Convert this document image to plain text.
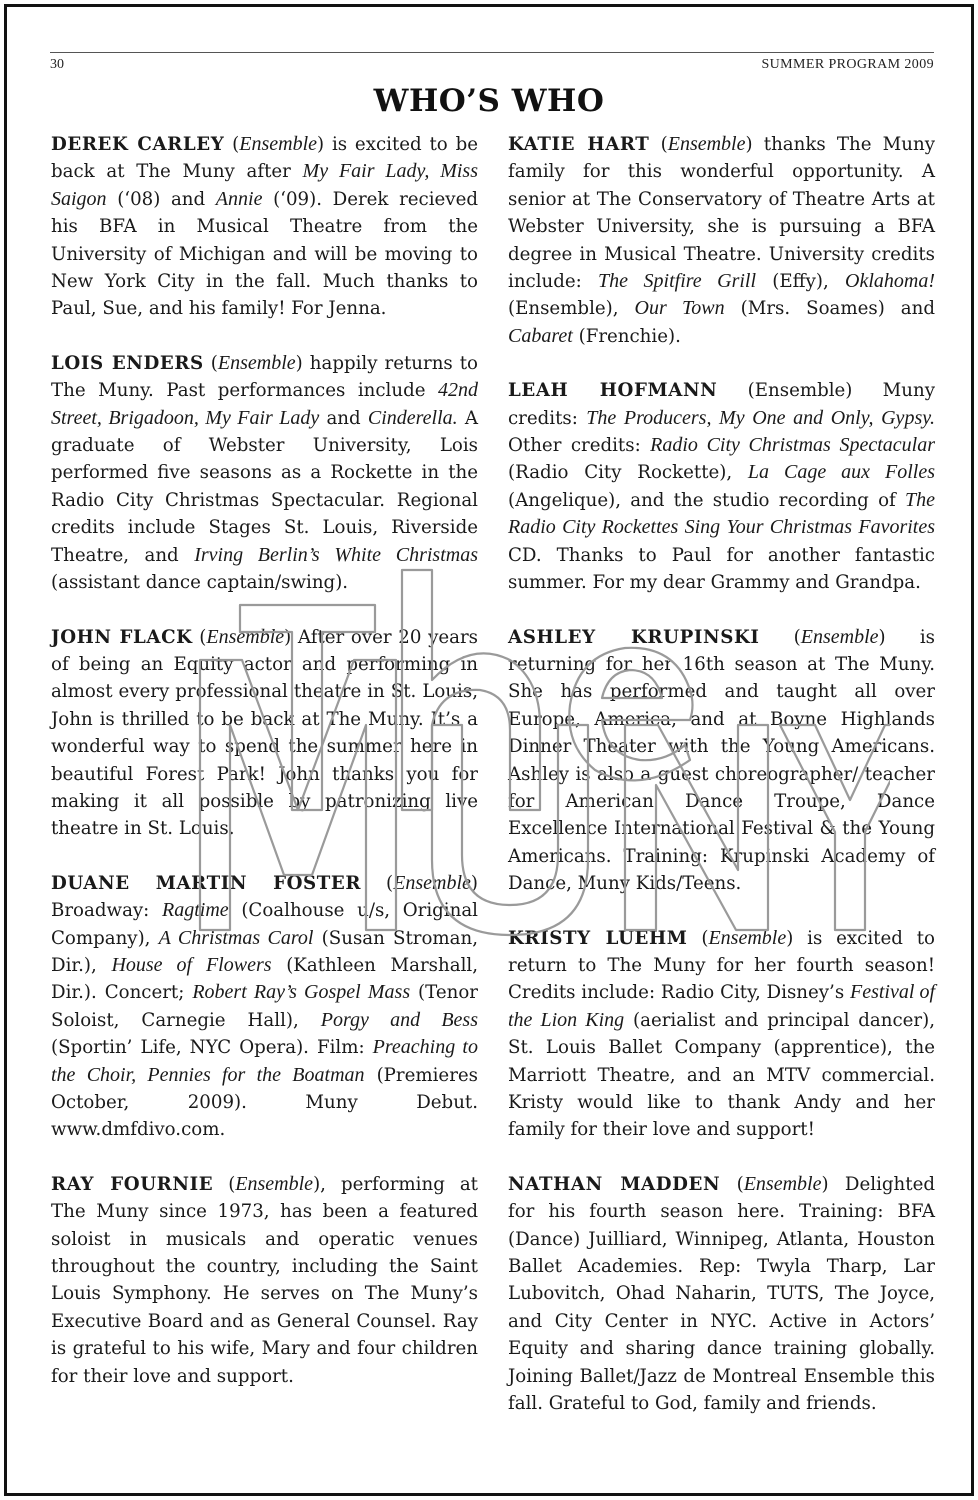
30	SUMMER PROGRAM 2009
WHO’S WHO

DEREK CARLEY (Ensemble) is excited to be back at The Muny after My Fair Lady, Miss Saigon (‘08) and Annie (‘09). Derek recieved his BFA in Musical Theatre from the University of Michigan and will be moving to New York City in the fall. Much thanks to Paul, Sue, and his family! For Jenna.

LOIS ENDERS (Ensemble) happily returns to The Muny. Past performances include 42nd Street, Brigadoon, My Fair Lady and Cinderella. A graduate of Webster University, Lois performed five seasons as a Rockette in the Radio City Christmas Spectacular. Regional credits include Stages St. Louis, Riverside Theatre, and Irving Berlin’s White Christmas (assistant dance captain/swing).

JOHN FLACK (Ensemble) After over 20 years of being an Equity actor and performing in almost every professional theatre in St. Louis, John is thrilled to be back at The Muny. It’s a wonderful way to spend the summer here in beautiful Forest Park! John thanks you for making it all possible by patronizing live theatre in St. Louis.

DUANE MARTIN FOSTER (Ensemble) Broadway: Ragtime (Coalhouse u/s, Original Company), A Christmas Carol (Susan Stroman, Dir.), House of Flowers (Kathleen Marshall, Dir.). Concert; Robert Ray’s Gospel Mass (Tenor Soloist, Carnegie Hall), Porgy and Bess (Sportin’ Life, NYC Opera). Film: Preaching to the Choir, Pennies for the Boatman (Premieres October, 2009). Muny Debut. www.dmfdivo.com.

RAY FOURNIE (Ensemble), performing at The Muny since 1973, has been a featured soloist in musicals and operatic venues throughout the country, including the Saint Louis Symphony. He serves on The Muny’s Executive Board and as General Counsel. Ray is grateful to his wife, Mary and four children for their love and support.

KATIE HART (Ensemble) thanks The Muny family for this wonderful opportunity. A senior at The Conservatory of Theatre Arts at Webster University, she is pursuing a BFA degree in Musical Theatre. University credits include: The Spitfire Grill (Effy), Oklahoma! (Ensemble), Our Town (Mrs. Soames) and Cabaret (Frenchie).

LEAH HOFMANN (Ensemble) Muny credits: The Producers, My One and Only, Gypsy. Other credits: Radio City Christmas Spectacular (Radio City Rockette), La Cage aux Folles (Angelique), and the studio recording of The Radio City Rockettes Sing Your Christmas Favorites CD. Thanks to Paul for another fantastic summer. For my dear Grammy and Grandpa.

ASHLEY KRUPINSKI (Ensemble) is returning for her 16th season at The Muny. She has performed and taught all over Europe, America, and at Boyne Highlands Dinner Theater with the Young Americans. Ashley is also a guest choreographer/ teacher for American Dance Troupe, Dance Excellence International Festival & the Young Americans. Training: Krupinski Academy of Dance, Muny Kids/Teens.

KRISTY LUEHM (Ensemble) is excited to return to The Muny for her fourth season! Credits include: Radio City, Disney’s Festival of the Lion King (aerialist and principal dancer), St. Louis Ballet Company (apprentice), the Marriott Theatre, and an MTV commercial. Kristy would like to thank Andy and her family for their love and support!

NATHAN MADDEN (Ensemble) Delighted for his fourth season here. Training: BFA (Dance) Juilliard, Winnipeg, Atlanta, Houston Ballet Academies. Rep: Twyla Tharp, Lar Lubovitch, Ohad Naharin, TUTS, The Joyce, and City Center in NYC. Active in Actors’ Equity and sharing dance training globally. Joining Ballet/Jazz de Montreal Ensemble this fall. Grateful to God, family and friends.
